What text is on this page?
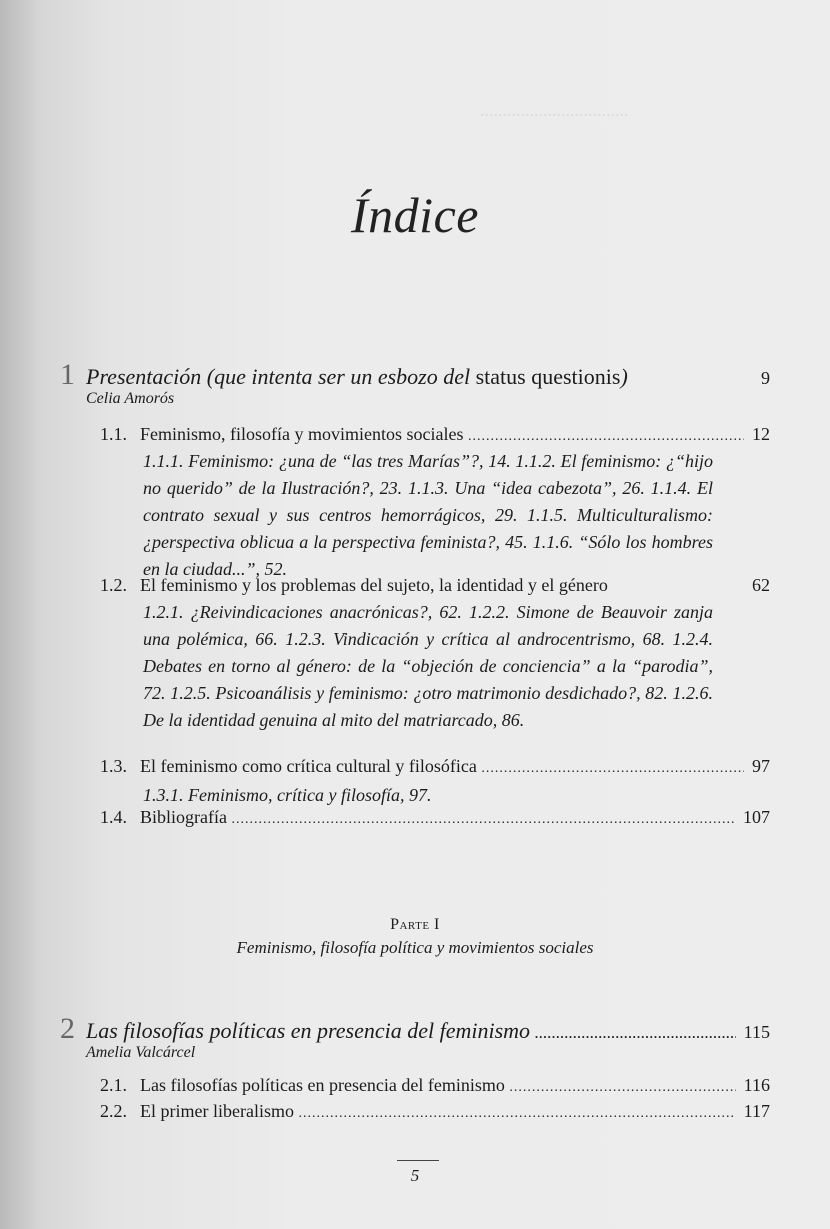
.................................
Índice
1 Presentación (que intenta ser un esbozo del status questionis)	9
Celia Amorós
1.1. Feminismo, filosofía y movimientos sociales .....	12
1.1.1. Feminismo: ¿una de “las tres Marías”?, 14. 1.1.2. El feminismo: ¿“hijo no querido” de la Ilustración?, 23. 1.1.3. Una “idea cabezota”, 26. 1.1.4. El contrato sexual y sus centros hemorrágicos, 29. 1.1.5. Multiculturalismo: ¿perspectiva oblicua a la perspectiva feminista?, 45. 1.1.6. “Sólo los hombres en la ciudad...”, 52.
1.2. El feminismo y los problemas del sujeto, la identidad y el género	62
1.2.1. ¿Reivindicaciones anacrónicas?, 62. 1.2.2. Simone de Beauvoir zanja una polémica, 66. 1.2.3. Vindicación y crítica al androcentrismo, 68. 1.2.4. Debates en torno al género: de la “objeción de conciencia” a la “parodia”, 72. 1.2.5. Psicoanálisis y feminismo: ¿otro matrimonio desdichado?, 82. 1.2.6. De la identidad genuina al mito del matriarcado, 86.
1.3. El feminismo como crítica cultural y filosófica .....	97
1.3.1. Feminismo, crítica y filosofía, 97.
1.4. Bibliografía .....	107
Parte I
Feminismo, filosofía política y movimientos sociales
2 Las filosofías políticas en presencia del feminismo .....	115
Amelia Valcárcel
2.1. Las filosofías políticas en presencia del feminismo .....	116
2.2. El primer liberalismo .....	117
5
